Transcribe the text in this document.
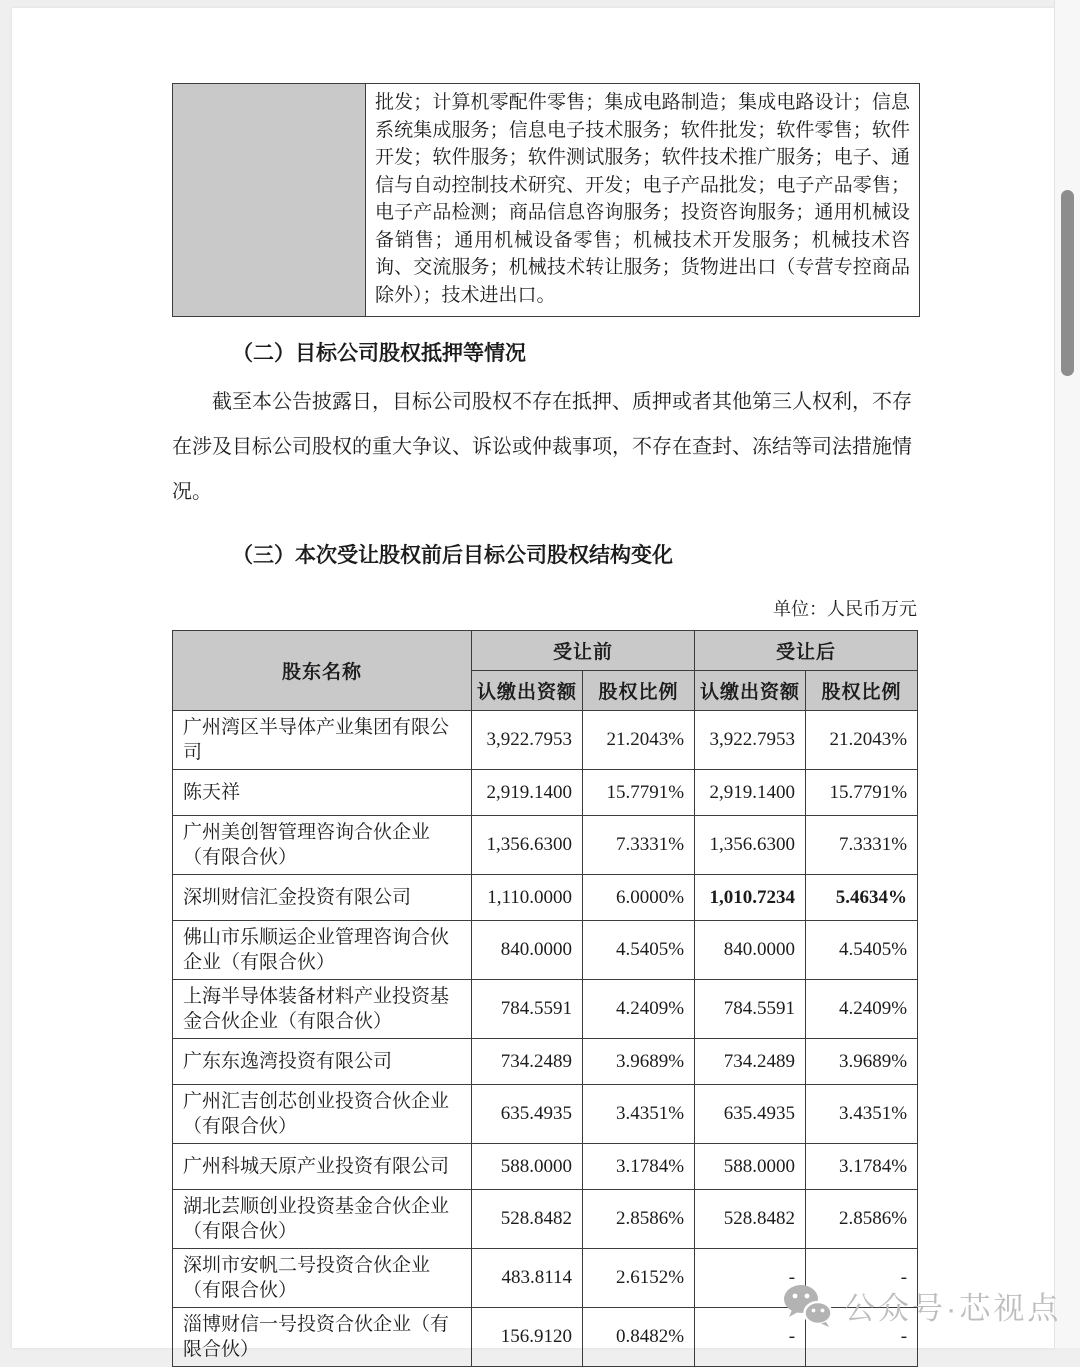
批发；计算机零配件零售；集成电路制造；集成电路设计；信息系统集成服务；信息电子技术服务；软件批发；软件零售；软件开发；软件服务；软件测试服务；软件技术推广服务；电子、通信与自动控制技术研究、开发；电子产品批发；电子产品零售；电子产品检测；商品信息咨询服务；投资咨询服务；通用机械设备销售；通用机械设备零售；机械技术开发服务；机械技术咨询、交流服务；机械技术转让服务；货物进出口（专营专控商品除外）；技术进出口。
（二）目标公司股权抵押等情况

截至本公告披露日，目标公司股权不存在抵押、质押或者其他第三人权利，不存在涉及目标公司股权的重大争议、诉讼或仲裁事项，不存在查封、冻结等司法措施情况。

（三）本次受让股权前后目标公司股权结构变化
单位：人民币万元
股东名称	受让前		受让后	
	认缴出资额	股权比例	认缴出资额	股权比例
广州湾区半导体产业集团有限公司	3,922.7953	21.2043%	3,922.7953	21.2043%
陈天祥	2,919.1400	15.7791%	2,919.1400	15.7791%
广州美创智管理咨询合伙企业（有限合伙）	1,356.6300	7.3331%	1,356.6300	7.3331%
深圳财信汇金投资有限公司	1,110.0000	6.0000%	1,010.7234	5.4634%
佛山市乐顺运企业管理咨询合伙企业（有限合伙）	840.0000	4.5405%	840.0000	4.5405%
上海半导体装备材料产业投资基金合伙企业（有限合伙）	784.5591	4.2409%	784.5591	4.2409%
广东东逸湾投资有限公司	734.2489	3.9689%	734.2489	3.9689%
广州汇吉创芯创业投资合伙企业（有限合伙）	635.4935	3.4351%	635.4935	3.4351%
广州科城天原产业投资有限公司	588.0000	3.1784%	588.0000	3.1784%
湖北芸顺创业投资基金合伙企业（有限合伙）	528.8482	2.8586%	528.8482	2.8586%
深圳市安帆二号投资合伙企业（有限合伙）	483.8114	2.6152%	-	-
淄博财信一号投资合伙企业（有限合伙）	156.9120	0.8482%	-	-
公众号·芯视点
